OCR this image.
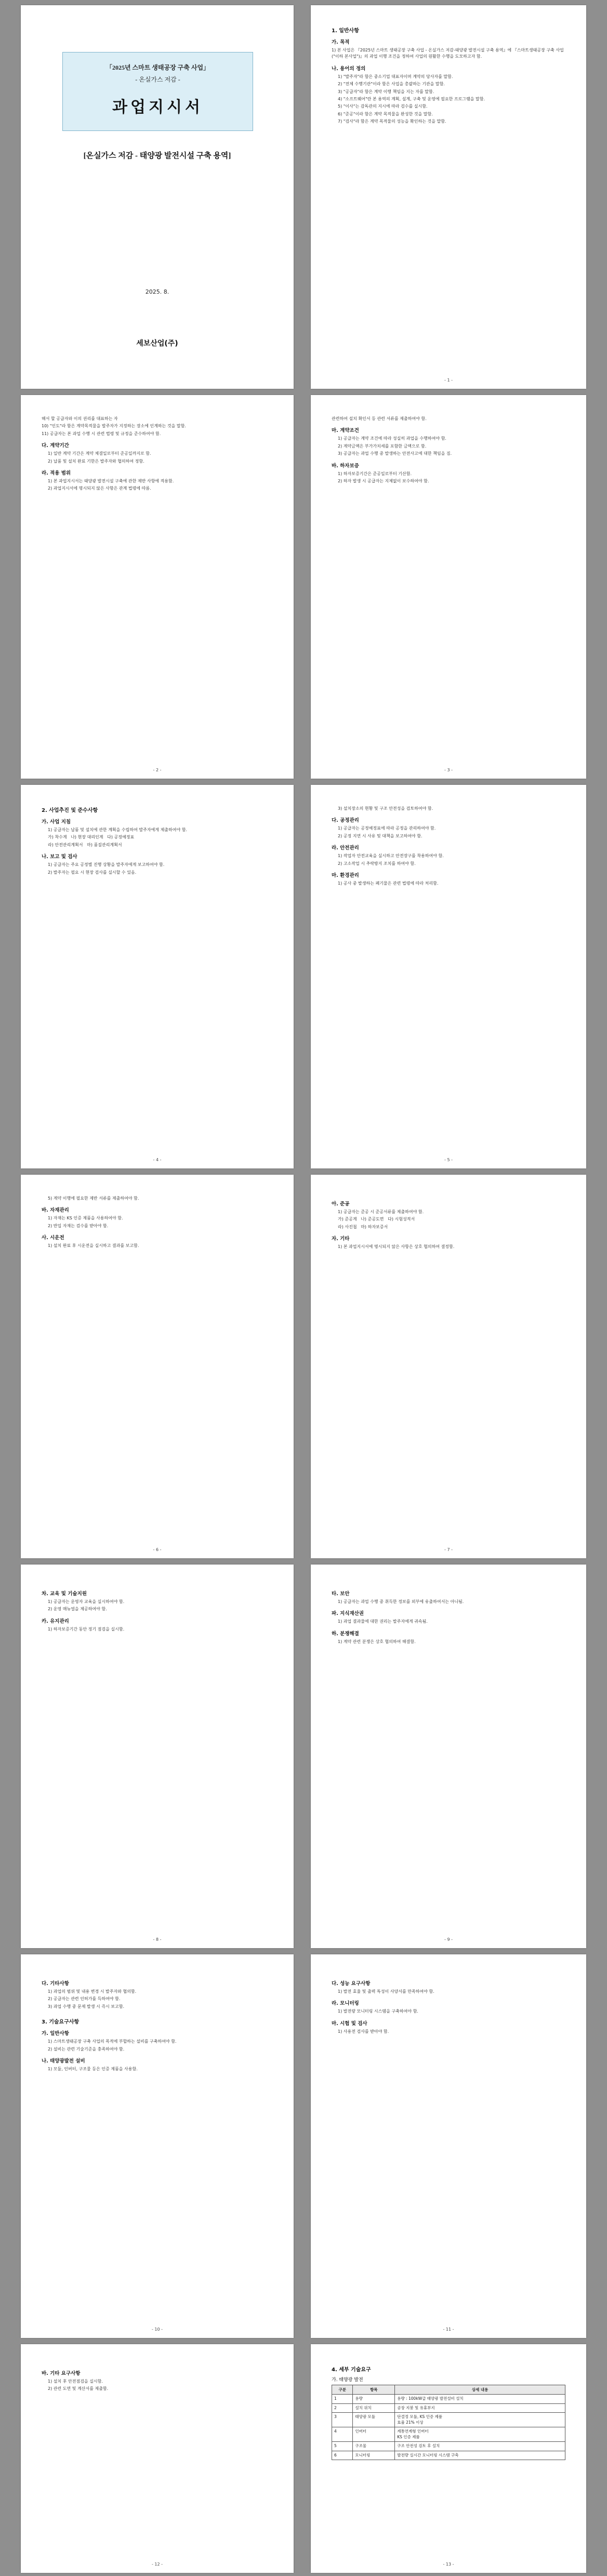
「2025년 스마트 생태공장 구축 사업」
- 온실가스 저감 -
과업지시서
[온실가스 저감 - 태양광 발전시설 구축 용역]
2025. 8.
세보산업(주)
1. 일반사항
가. 목적

1) 본 사업은 『2025년 스마트 생태공장 구축 사업 - 온실가스 저감-태양광 발전시설 구축 용역』에 『스마트생태공장 구축 사업("이하 본사업")』의 과업 이행 조건을 정하여 사업의 원활한 수행을 도모하고자 함.

나. 용어의 정의

1) "발주자"라 함은 중소기업 대표자이며 계약의 당사자를 말함.

2) "전체 수행기관"이라 함은 사업을 총괄하는 기관을 말함.

3) "공급자"라 함은 계약 이행 책임을 지는 자를 말함.

4) "소프트웨어"란 본 용역의 계획, 설계, 구축 및 운영에 필요한 프로그램을 말함.

5) "이사"는 감독관의 지시에 따라 검수를 실시함.

6) "준공"이라 함은 계약 목적물을 완성한 것을 말함.

7) "검사"라 함은 계약 목적물의 성능을 확인하는 것을 말함.

- 1 -

해서 할 공급자와 이의 권리를 대표하는 자

10) "인도"라 함은 계약목적물을 발주자가 지정하는 장소에 인계하는 것을 말함.

11) 공급자는 본 과업 수행 시 관련 법령 및 규정을 준수하여야 함.

다. 계약기간

1) 일반 계약 기간은 계약 체결일로부터 준공일까지로 함.

2) 납품 및 설치 완료 기한은 발주자와 협의하여 정함.

라. 적용 범위

1) 본 과업지시서는 태양광 발전시설 구축에 관한 제반 사항에 적용함.

2) 과업지시서에 명시되지 않은 사항은 관계 법령에 따름.

- 2 -

관련하여 설치 확인서 등 관련 서류를 제출하여야 함.

마. 계약조건

1) 공급자는 계약 조건에 따라 성실히 과업을 수행하여야 함.

2) 계약금액은 부가가치세를 포함한 금액으로 함.

3) 공급자는 과업 수행 중 발생하는 안전사고에 대한 책임을 짐.

바. 하자보증

1) 하자보증기간은 준공일로부터 기산함.

2) 하자 발생 시 공급자는 지체없이 보수하여야 함.

- 3 -
2. 사업추진 및 준수사항
가. 사업 지침

1) 공급자는 납품 및 설치에 관한 계획을 수립하여 발주자에게 제출하여야 함.

가) 착수계   나) 현장 대리인계   다) 공정예정표

라) 안전관리계획서   마) 품질관리계획서

나. 보고 및 검사

1) 공급자는 주요 공정별 진행 상황을 발주자에게 보고하여야 함.

2) 발주자는 필요 시 현장 검사를 실시할 수 있음.

- 4 -

3) 설치장소의 현황 및 구조 안전성을 검토하여야 함.

다. 공정관리

1) 공급자는 공정예정표에 따라 공정을 관리하여야 함.

2) 공정 지연 시 사유 및 대책을 보고하여야 함.

라. 안전관리

1) 작업자 안전교육을 실시하고 안전장구를 착용하여야 함.

2) 고소작업 시 추락방지 조치를 하여야 함.

마. 환경관리

1) 공사 중 발생하는 폐기물은 관련 법령에 따라 처리함.

- 5 -

5) 계약 이행에 필요한 제반 서류를 제출하여야 함.

바. 자재관리

1) 자재는 KS 인증 제품을 사용하여야 함.

2) 반입 자재는 검수를 받아야 함.

사. 시운전

1) 설치 완료 후 시운전을 실시하고 결과를 보고함.

- 6 -
아. 준공

1) 공급자는 준공 시 준공서류를 제출하여야 함.

가) 준공계   나) 준공도면   다) 시험성적서

라) 사진첩   마) 하자보증서

자. 기타

1) 본 과업지시서에 명시되지 않은 사항은 상호 협의하여 결정함.

- 7 -
차. 교육 및 기술지원

1) 공급자는 운영자 교육을 실시하여야 함.

2) 운영 매뉴얼을 제공하여야 함.

카. 유지관리

1) 하자보증기간 동안 정기 점검을 실시함.

- 8 -
타. 보안

1) 공급자는 과업 수행 중 취득한 정보를 외부에 유출하여서는 아니됨.

파. 지식재산권

1) 과업 결과물에 대한 권리는 발주자에게 귀속됨.

하. 분쟁해결

1) 계약 관련 분쟁은 상호 협의하여 해결함.

- 9 -
다. 기타사항

1) 과업의 범위 및 내용 변경 시 발주자와 협의함.

2) 공급자는 관련 인허가를 득하여야 함.

3) 과업 수행 중 문제 발생 시 즉시 보고함.

3. 기술요구사항
가. 일반사항

1) 스마트생태공장 구축 사업의 목적에 부합하는 설비를 구축하여야 함.

2) 설비는 관련 기술기준을 충족하여야 함.

나. 태양광발전 설비

1) 모듈, 인버터, 구조물 등은 인증 제품을 사용함.

- 10 -
다. 성능 요구사항

1) 발전 효율 및 출력 특성이 사양서를 만족하여야 함.

라. 모니터링

1) 발전량 모니터링 시스템을 구축하여야 함.

마. 시험 및 검사

1) 사용전 검사를 받아야 함.

- 11 -
바. 기타 요구사항

1) 설치 후 안전점검을 실시함.

2) 관련 도면 및 계산서를 제출함.

- 12 -
4. 세부 기술요구
가. 태양광 발전
구분	항목	상세 내용
1	용량	용량 : 100kW급 태양광 발전설비 설치
2	설치 위치	공장 지붕 및 유휴부지
3	태양광 모듈	단결정 모듈, KS 인증 제품
효율 21% 이상
4	인버터	계통연계형 인버터
KS 인증 제품
5	구조물	구조 안전성 검토 후 설치
6	모니터링	발전량 실시간 모니터링 시스템 구축
- 13 -
